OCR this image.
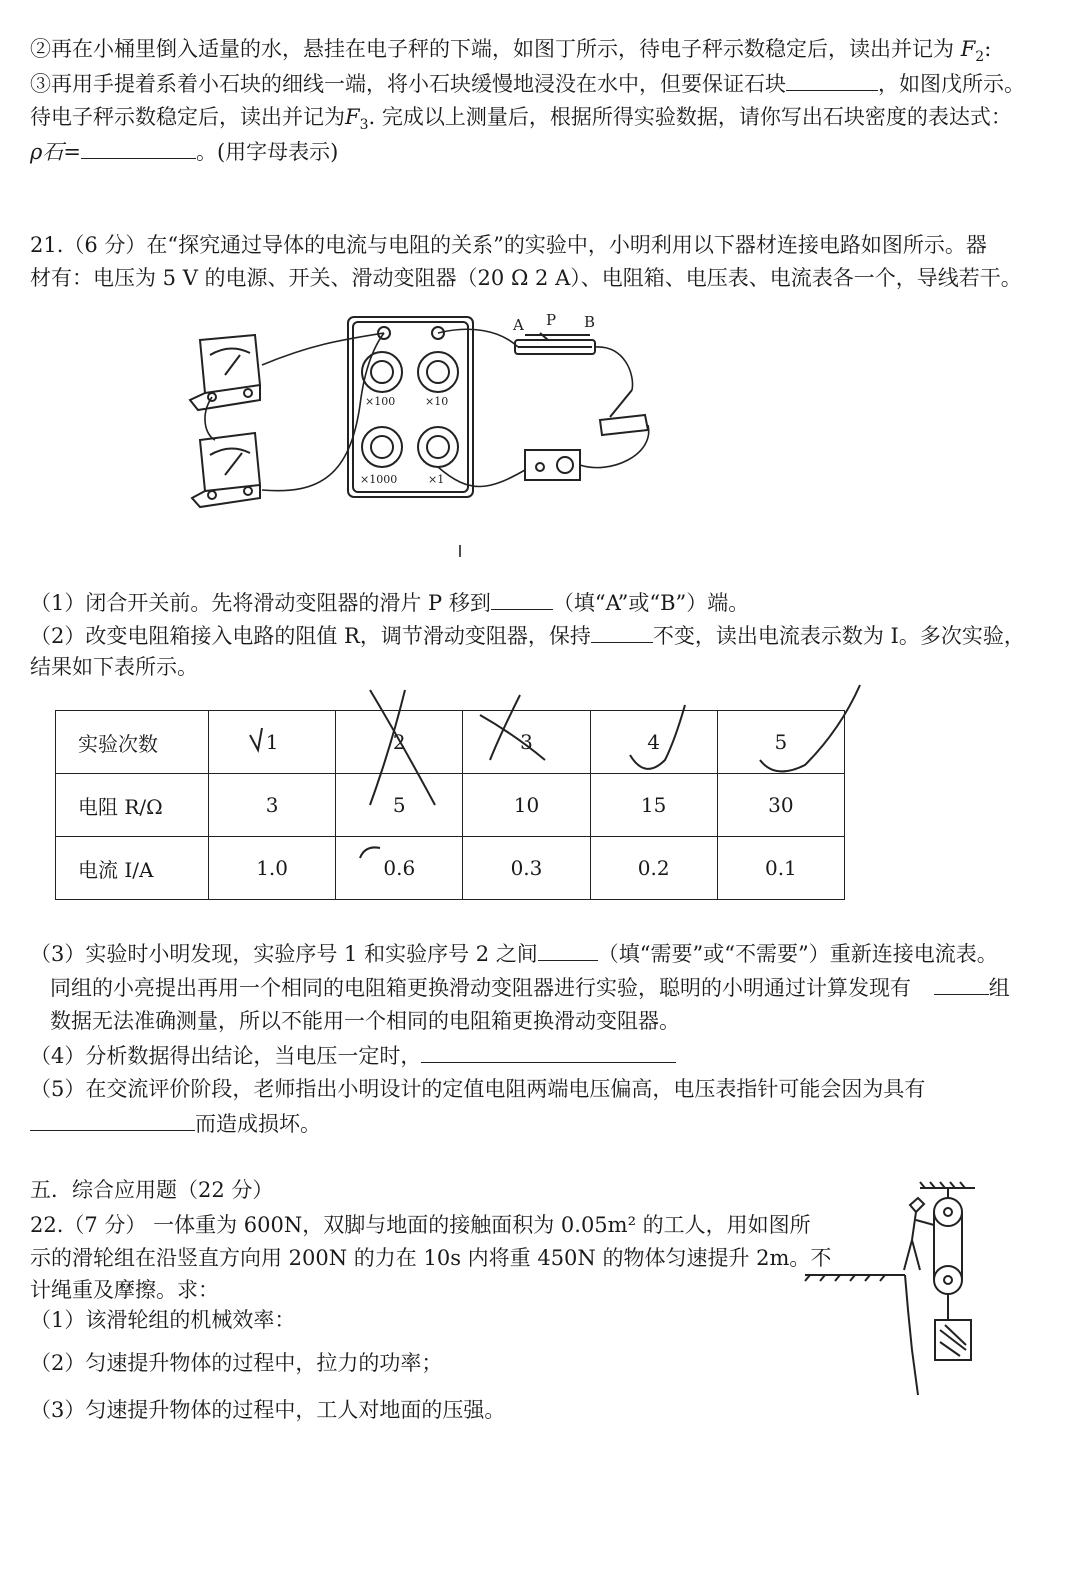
②再在小桶里倒入适量的水，悬挂在电子秤的下端，如图丁所示，待电子秤示数稳定后，读出并记为 $F_2$:
③再用手提着系着小石块的细线一端，将小石块缓慢地浸没在水中，但要保证石块	，如图戊所示。
待电子秤示数稳定后，读出并记为$F_3$. 完成以上测量后，根据所得实验数据，请你写出石块密度的表达式：
ρ石=	。(用字母表示)
21.（6 分）在“探究通过导体的电流与电阻的关系”的实验中，小明利用以下器材连接电路如图所示。器
材有：电压为 5 V 的电源、开关、滑动变阻器（20 Ω 2 A）、电阻箱、电压表、电流表各一个，导线若干。
A P B
×100	×10
×1000	×1
（1）闭合开关前。先将滑动变阻器的滑片 P 移到	（填“A”或“B”）端。
（2）改变电阻箱接入电路的阻值 R，调节滑动变阻器，保持	不变，读出电流表示数为 I。多次实验，
结果如下表所示。
实验次数	1	2	3	4	5
电阻 R/Ω	3	5	10	15	30
电流 I/A	1.0	0.6	0.3	0.2	0.1
（3）实验时小明发现，实验序号 1 和实验序号 2 之间	（填“需要”或“不需要”）重新连接电流表。
同组的小亮提出再用一个相同的电阻箱更换滑动变阻器进行实验，聪明的小明通过计算发现有	组
数据无法准确测量，所以不能用一个相同的电阻箱更换滑动变阻器。
（4）分析数据得出结论，当电压一定时，
（5）在交流评价阶段，老师指出小明设计的定值电阻两端电压偏高，电压表指针可能会因为具有
而造成损坏。
五．综合应用题（22 分）
22.（7 分） 一体重为 600N，双脚与地面的接触面积为 0.05m² 的工人，用如图所
示的滑轮组在沿竖直方向用 200N 的力在 10s 内将重 450N 的物体匀速提升 2m。不
计绳重及摩擦。求：
（1）该滑轮组的机械效率：
（2）匀速提升物体的过程中，拉力的功率；
（3）匀速提升物体的过程中，工人对地面的压强。
